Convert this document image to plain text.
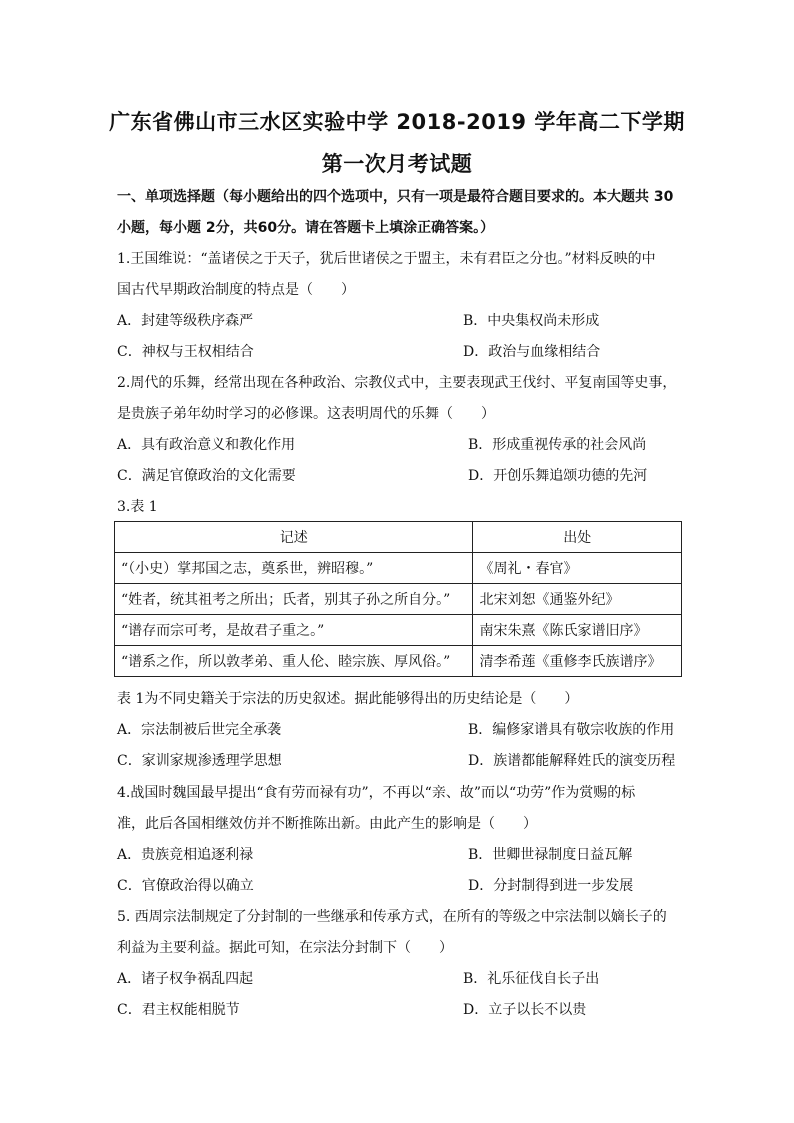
广东省佛山市三水区实验中学 2018-2019 学年高二下学期
第一次月考试题
一、单项选择题（每小题给出的四个选项中，只有一项是最符合题目要求的。本大题共 30
小题，每小题 2分，共60分。请在答题卡上填涂正确答案。）
1.王国维说：“盖诸侯之于天子，犹后世诸侯之于盟主，未有君臣之分也。”材料反映的中
国古代早期政治制度的特点是（　　）
A．封建等级秩序森严	B．中央集权尚未形成
C．神权与王权相结合	D．政治与血缘相结合
2.周代的乐舞，经常出现在各种政治、宗教仪式中，主要表现武王伐纣、平复南国等史事，
是贵族子弟年幼时学习的必修课。这表明周代的乐舞（　　）
A．具有政治意义和教化作用	B．形成重视传承的社会风尚
C．满足官僚政治的文化需要	D．开创乐舞追颂功德的先河
3.表 1
记述	出处
“（小史）掌邦国之志，奠系世，辨昭穆。”	《周礼・春官》
“姓者，统其祖考之所出；氏者，别其子孙之所自分。”	北宋刘恕《通鉴外纪》
“谱存而宗可考，是故君子重之。”	南宋朱熹《陈氏家谱旧序》
“谱系之作，所以敦孝弟、重人伦、睦宗族、厚风俗。”	清李希莲《重修李氏族谱序》
表 1为不同史籍关于宗法的历史叙述。据此能够得出的历史结论是（　　）
A．宗法制被后世完全承袭	B．编修家谱具有敬宗收族的作用
C．家训家规渗透理学思想	D．族谱都能解释姓氏的演变历程
4.战国时魏国最早提出“食有劳而禄有功”，不再以“亲、故”而以“功劳”作为赏赐的标
准，此后各国相继效仿并不断推陈出新。由此产生的影响是（　　）
A．贵族竞相追逐利禄	B．世卿世禄制度日益瓦解
C．官僚政治得以确立	D．分封制得到进一步发展
5. 西周宗法制规定了分封制的一些继承和传承方式，在所有的等级之中宗法制以嫡长子的
利益为主要利益。据此可知，在宗法分封制下（　　）
A．诸子权争祸乱四起	B．礼乐征伐自长子出
C．君主权能相脱节	D．立子以长不以贵
